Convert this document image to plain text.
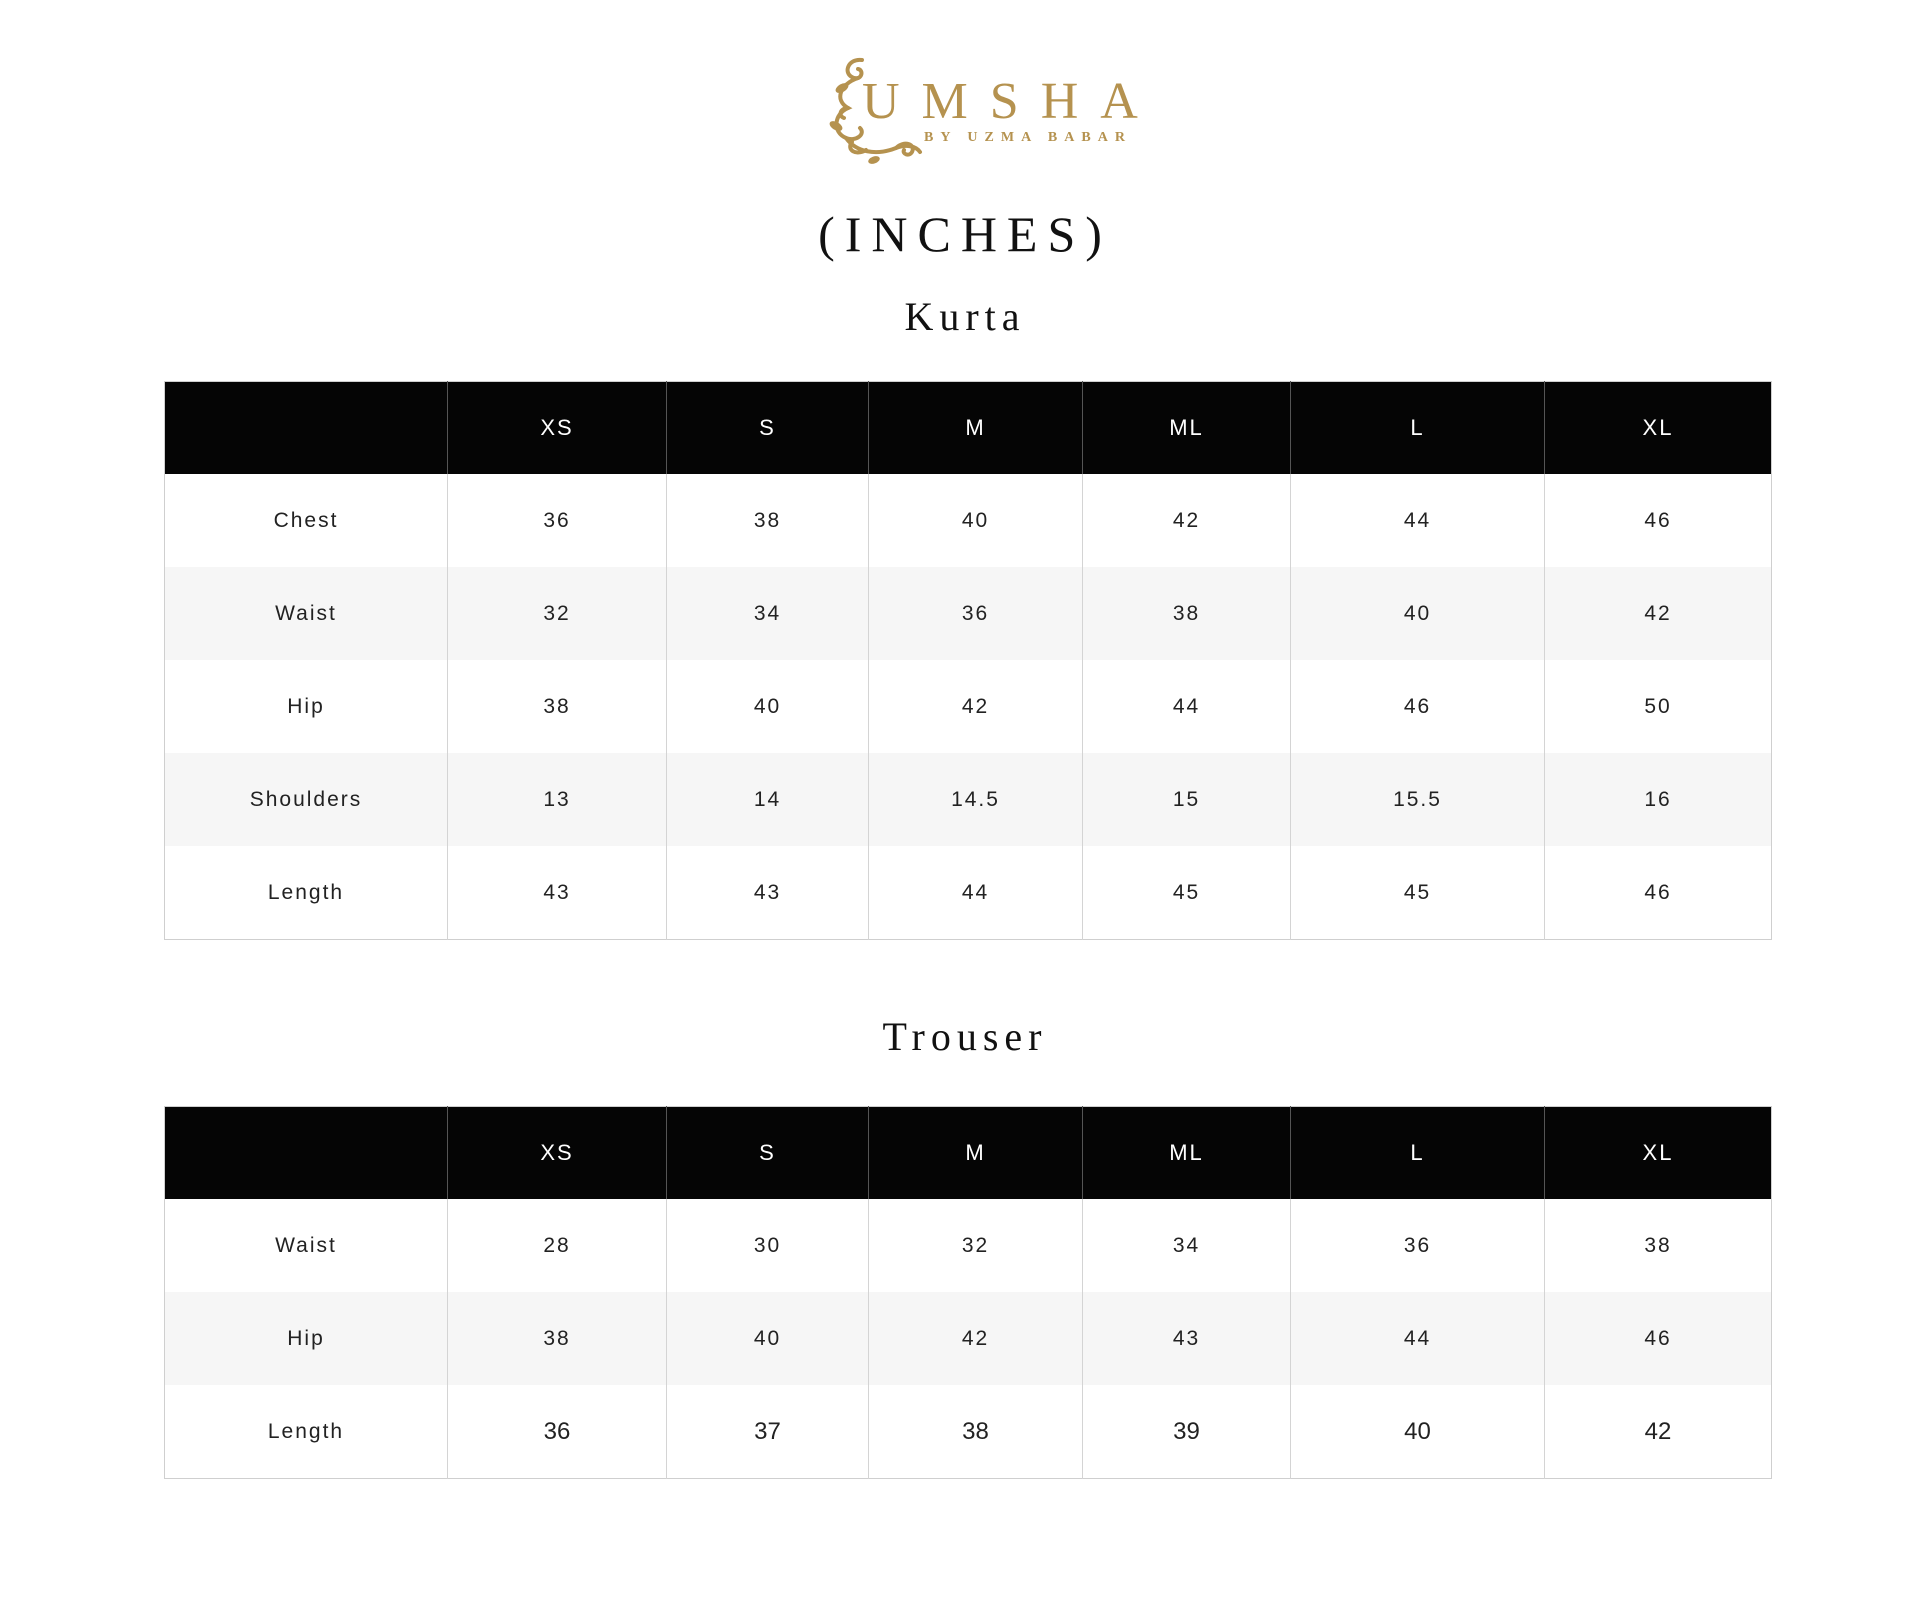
UMSHA
BY UZMA BABAR
(INCHES)
Kurta
Trouser
	XS	S	M	ML	L	XL
Chest	36	38	40	42	44	46
Waist	32	34	36	38	40	42
Hip	38	40	42	44	46	50
Shoulders	13	14	14.5	15	15.5	16
Length	43	43	44	45	45	46
	XS	S	M	ML	L	XL
Waist	28	30	32	34	36	38
Hip	38	40	42	43	44	46
Length	36	37	38	39	40	42
